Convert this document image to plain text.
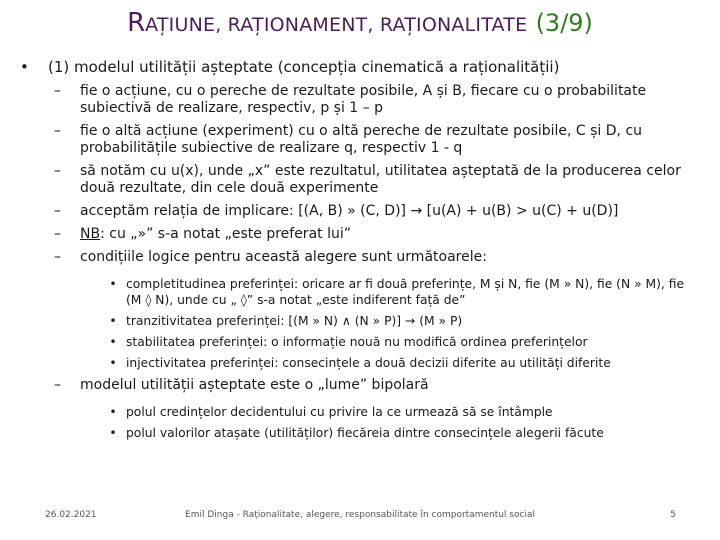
RAȚIUNE, RAȚIONAMENT, RAȚIONALITATE (3/9)
•	(1) modelul utilității așteptate (concepția cinematică a raționalității)
–	fie o acțiune, cu o pereche de rezultate posibile, A și B, fiecare cu o probabilitate subiectivă de realizare, respectiv, p și 1 – p
–	fie o altă acțiune (experiment) cu o altă pereche de rezultate posibile, C și D, cu probabilitățile subiective de realizare q, respectiv 1 - q
–	să notăm cu u(x), unde „x” este rezultatul, utilitatea așteptată de la producerea celor două rezultate, din cele două experimente
–	acceptăm relația de implicare: [(A, B) » (C, D)] → [u(A) + u(B) > u(C) + u(D)]
–	NB: cu „»” s-a notat „este preferat lui”
–	condițiile logice pentru această alegere sunt următoarele:
• completitudinea preferinței: oricare ar fi două preferințe, M și N, fie (M » N), fie (N » M), fie (M ◊ N), unde cu „ ◊” s-a notat „este indiferent față de”
• tranzitivitatea preferinței: [(M » N) ∧ (N » P)] → (M » P)
• stabilitatea preferinței: o informație nouă nu modifică ordinea preferințelor
• injectivitatea preferinței: consecințele a două decizii diferite au utilități diferite
–	modelul utilității așteptate este o „lume” bipolară
• polul credințelor decidentului cu privire la ce urmează să se întâmple
• polul valorilor atașate (utilităților) fiecăreia dintre consecințele alegerii făcute
26.02.2021	Emil Dinga - Raționalitate, alegere, responsabilitate în comportamentul social	5
